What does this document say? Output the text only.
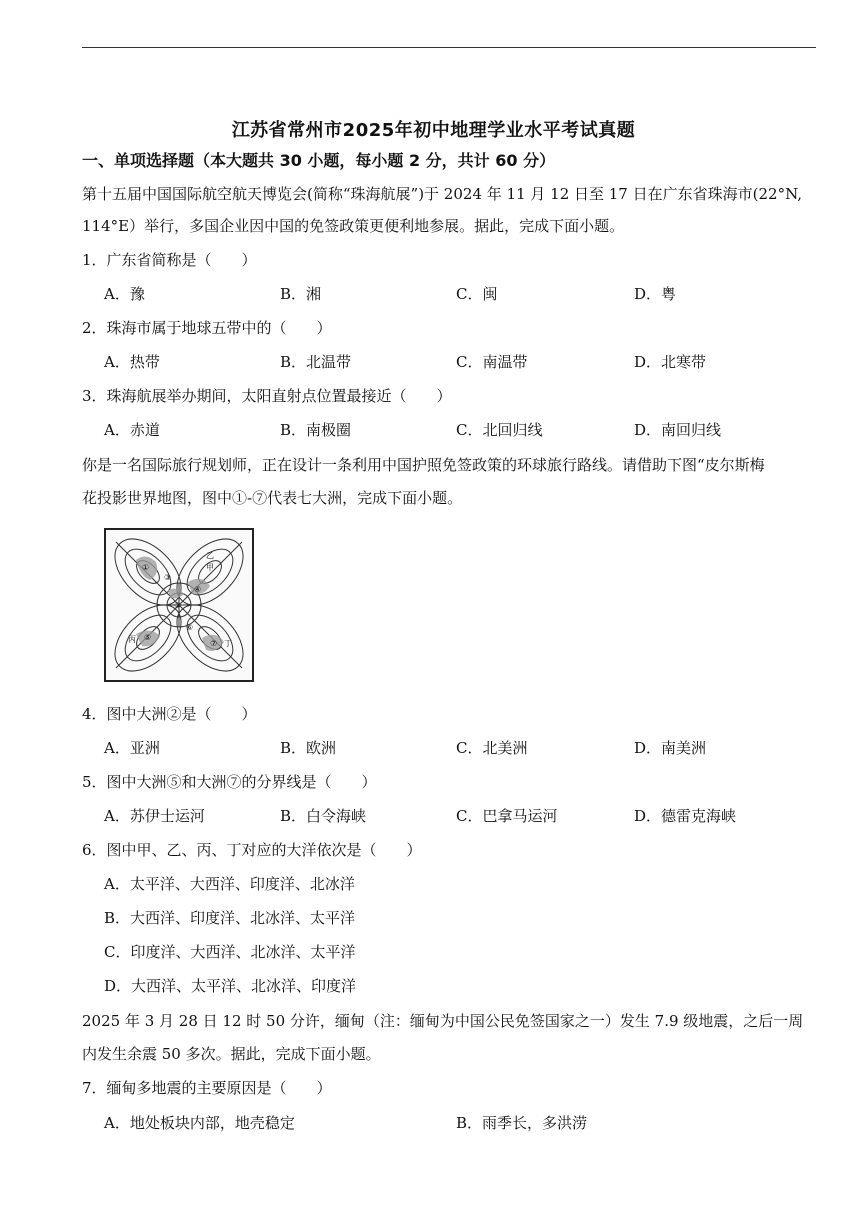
江苏省常州市2025年初中地理学业水平考试真题
一、单项选择题（本大题共 30 小题，每小题 2 分，共计 60 分）
第十五届中国国际航空航天博览会(简称“珠海航展”)于 2024 年 11 月 12 日至 17 日在广东省珠海市(22°N,
114°E）举行，多国企业因中国的免签政策更便利地参展。据此，完成下面小题。
1．广东省简称是（　　）
A．豫	B．湘	C．闽	D．粤
2．珠海市属于地球五带中的（　　）
A．热带	B．北温带	C．南温带	D．北寒带
3．珠海航展举办期间，太阳直射点位置最接近（　　）
A．赤道	B．南极圈	C．北回归线	D．南回归线
你是一名国际旅行规划师，正在设计一条利用中国护照免签政策的环球旅行路线。请借助下图“皮尔斯梅
花投影世界地图，图中①-⑦代表七大洲，完成下面小题。
甲
乙
丙	丁
①
②
③
④
⑤
⑥
⑦
4．图中大洲②是（　　）
A．亚洲	B．欧洲	C．北美洲	D．南美洲
5．图中大洲⑤和大洲⑦的分界线是（　　）
A．苏伊士运河	B．白令海峡	C．巴拿马运河	D．德雷克海峡
6．图中甲、乙、丙、丁对应的大洋依次是（　　）
A．太平洋、大西洋、印度洋、北冰洋
B．大西洋、印度洋、北冰洋、太平洋
C．印度洋、大西洋、北冰洋、太平洋
D．大西洋、太平洋、北冰洋、印度洋
2025 年 3 月 28 日 12 时 50 分许，缅甸（注：缅甸为中国公民免签国家之一）发生 7.9 级地震，之后一周
内发生余震 50 多次。据此，完成下面小题。
7．缅甸多地震的主要原因是（　　）
A．地处板块内部，地壳稳定	B．雨季长，多洪涝
